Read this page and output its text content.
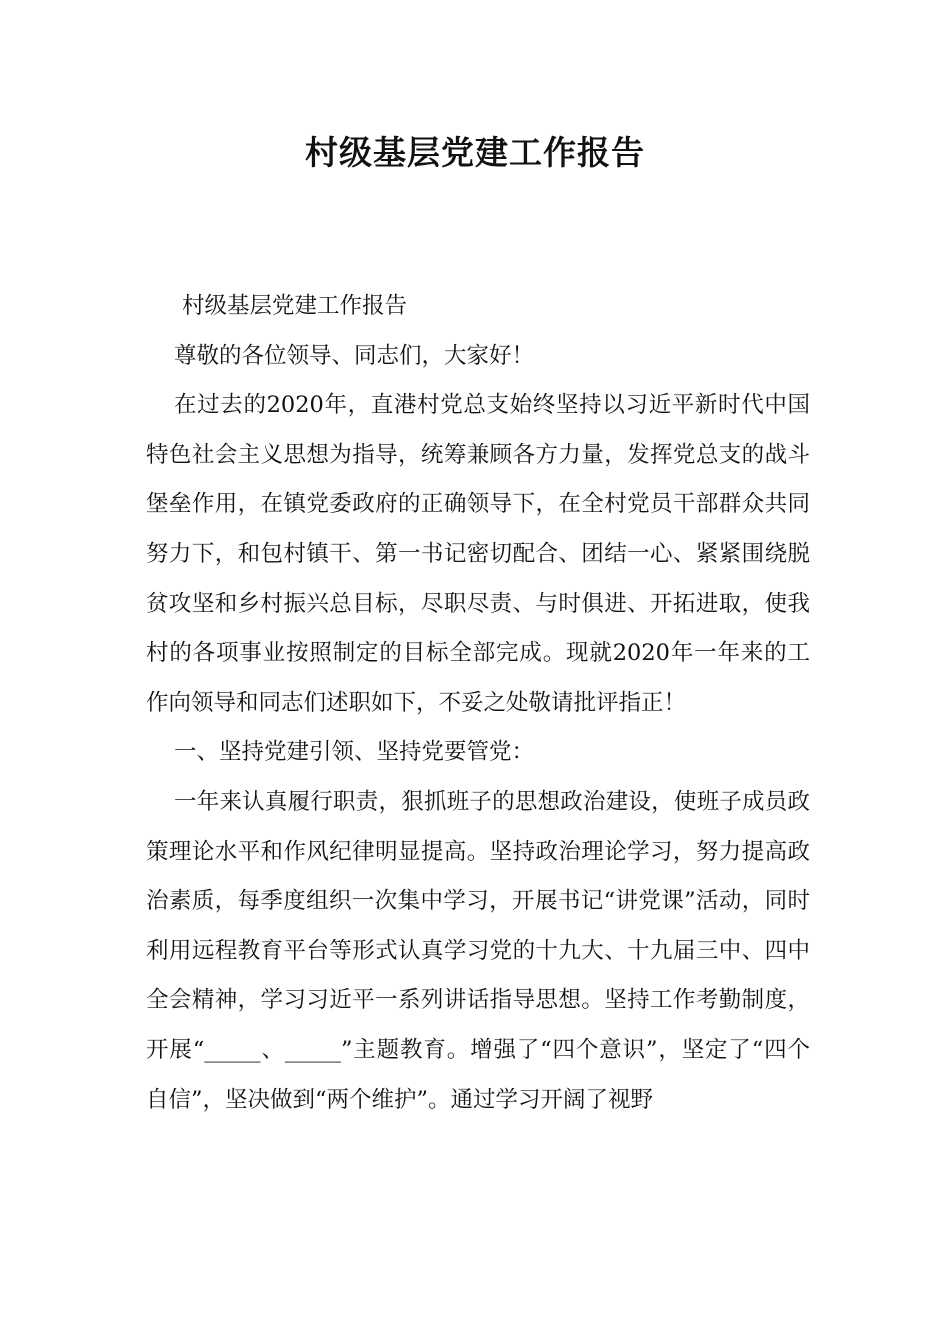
村级基层党建工作报告

村级基层党建工作报告

尊敬的各位领导、同志们，大家好！

在过去的2020年，直港村党总支始终坚持以习近平新时代中国特色社会主义思想为指导，统筹兼顾各方力量，发挥党总支的战斗堡垒作用，在镇党委政府的正确领导下，在全村党员干部群众共同努力下，和包村镇干、第一书记密切配合、团结一心、紧紧围绕脱贫攻坚和乡村振兴总目标，尽职尽责、与时俱进、开拓进取，使我村的各项事业按照制定的目标全部完成。现就2020年一年来的工作向领导和同志们述职如下，不妥之处敬请批评指正！

一、坚持党建引领、坚持党要管党：

一年来认真履行职责，狠抓班子的思想政治建设，使班子成员政策理论水平和作风纪律明显提高。坚持政治理论学习，努力提高政治素质，每季度组织一次集中学习，开展书记“讲党课”活动，同时利用远程教育平台等形式认真学习党的十九大、十九届三中、四中全会精神，学习习近平一系列讲话指导思想。坚持工作考勤制度，开展“_____、_____”主题教育。增强了“四个意识”，坚定了“四个自信”，坚决做到“两个维护”。通过学习开阔了视野
